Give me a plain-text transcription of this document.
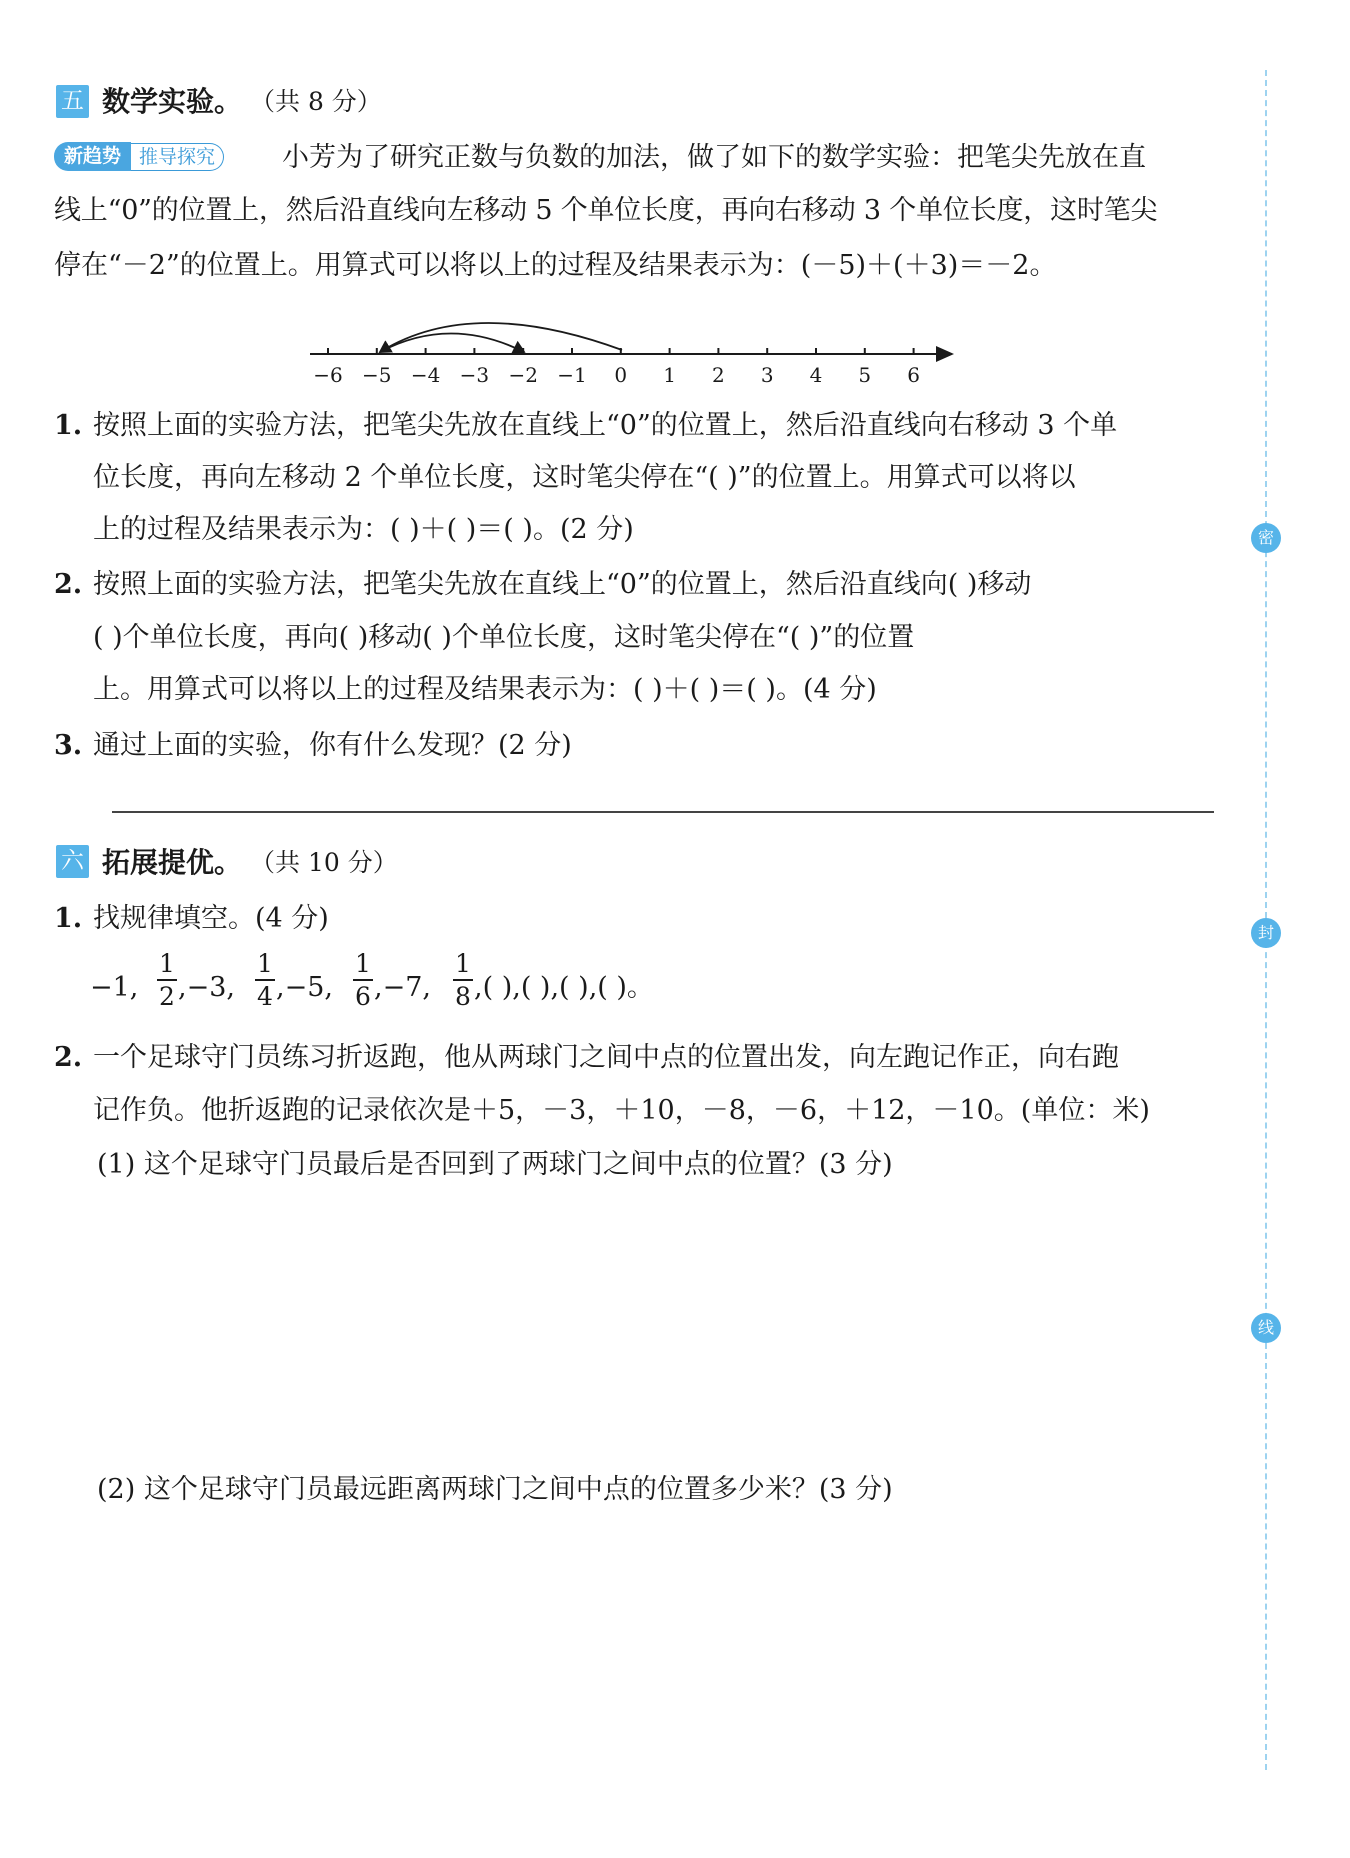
五 数学实验。 （共 8 分）
新趋势 推导探究	小芳为了研究正数与负数的加法，做了如下的数学实验：把笔尖先放在直
线上“0”的位置上，然后沿直线向左移动 5 个单位长度，再向右移动 3 个单位长度，这时笔尖
停在“－2”的位置上。用算式可以将以上的过程及结果表示为：(－5)＋(＋3)＝－2。
−6 −5 −4 −3 −2 −1 0 1 2 3 4 5 6
1. 按照上面的实验方法，把笔尖先放在直线上“0”的位置上，然后沿直线向右移动 3 个单
位长度，再向左移动 2 个单位长度，这时笔尖停在“( )”的位置上。用算式可以将以
上的过程及结果表示为：( )＋( )＝( )。(2 分)
2. 按照上面的实验方法，把笔尖先放在直线上“0”的位置上，然后沿直线向( )移动
( )个单位长度，再向( )移动( )个单位长度，这时笔尖停在“( )”的位置
上。用算式可以将以上的过程及结果表示为：( )＋( )＝( )。(4 分)
3. 通过上面的实验，你有什么发现？(2 分)
六 拓展提优。 （共 10 分）
1. 找规律填空。(4 分)
−1,
1
2 ,−3,
1
4 ,−5,
1
6 ,−7,
1
8 ,( ),( ),( ),( )。
2. 一个足球守门员练习折返跑，他从两球门之间中点的位置出发，向左跑记作正，向右跑
记作负。他折返跑的记录依次是＋5，－3，＋10，－8，－6，＋12，－10。(单位：米)
(1) 这个足球守门员最后是否回到了两球门之间中点的位置？(3 分)
(2) 这个足球守门员最远距离两球门之间中点的位置多少米？(3 分)
密
封
线
